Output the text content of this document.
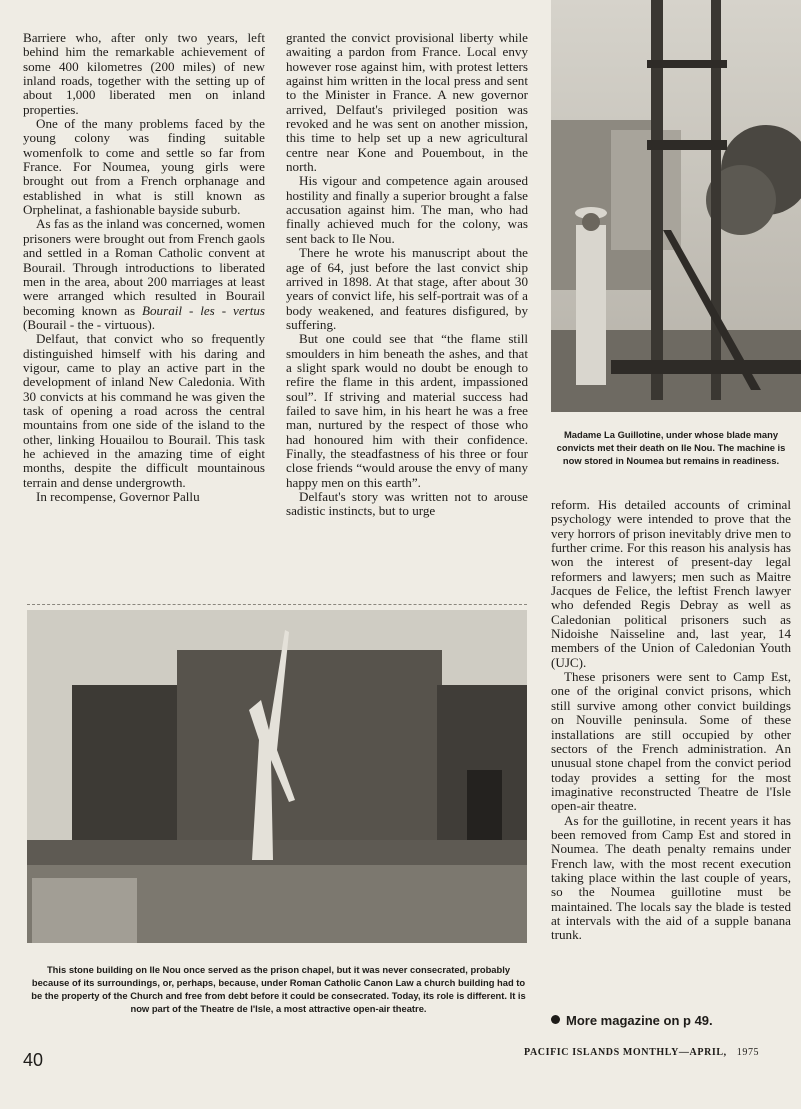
Barriere who, after only two years, left behind him the remarkable achievement of some 400 kilometres (200 miles) of new inland roads, together with the setting up of about 1,000 liberated men on inland properties.

One of the many problems faced by the young colony was finding suitable womenfolk to come and settle so far from France. For Noumea, young girls were brought out from a French orphanage and established in what is still known as Orphelinat, a fashionable bayside suburb.

As fas as the inland was concerned, women prisoners were brought out from French gaols and settled in a Roman Catholic convent at Bourail. Through introductions to liberated men in the area, about 200 marriages at least were arranged which resulted in Bourail becoming known as Bourail - les - vertus (Bourail - the - virtuous).

Delfaut, that convict who so frequently distinguished himself with his daring and vigour, came to play an active part in the development of inland New Caledonia. With 30 convicts at his command he was given the task of opening a road across the central mountains from one side of the island to the other, linking Houailou to Bourail. This task he achieved in the amazing time of eight months, despite the difficult mountainous terrain and dense undergrowth.

In recompense, Governor Pallu

granted the convict provisional liberty while awaiting a pardon from France. Local envy however rose against him, with protest letters against him written in the local press and sent to the Minister in France. A new governor arrived, Delfaut's privileged position was revoked and he was sent on another mission, this time to help set up a new agricultural centre near Kone and Pouembout, in the north.

His vigour and competence again aroused hostility and finally a superior brought a false accusation against him. The man, who had finally achieved much for the colony, was sent back to Ile Nou.

There he wrote his manuscript about the age of 64, just before the last convict ship arrived in 1898. At that stage, after about 30 years of convict life, his self-portrait was of a body weakened, and features disfigured, by suffering.

But one could see that “the flame still smoulders in him beneath the ashes, and that a slight spark would no doubt be enough to refire the flame in this ardent, impassioned soul”. If striving and material success had failed to save him, in his heart he was a free man, nurtured by the respect of those who had honoured him with their confidence. Finally, the steadfastness of his three or four close friends “would arouse the envy of many happy men on this earth”.

Delfaut's story was written not to arouse sadistic instincts, but to urge

Madame La Guillotine, under whose blade many convicts met their death on Ile Nou. The machine is now stored in Noumea but remains in readiness.

reform. His detailed accounts of criminal psychology were intended to prove that the very horrors of prison inevitably drive men to further crime. For this reason his analysis has won the interest of present-day legal reformers and lawyers; men such as Maitre Jacques de Felice, the leftist French lawyer who defended Regis Debray as well as Caledonian political prisoners such as Nidoishe Naisseline and, last year, 14 members of the Union of Caledonian Youth (UJC).

These prisoners were sent to Camp Est, one of the original convict prisons, which still survive among other convict buildings on Nouville peninsula. Some of these installations are still occupied by other sectors of the French administration. An unusual stone chapel from the convict period today provides a setting for the most imaginative reconstructed Theatre de l'Isle open-air theatre.

As for the guillotine, in recent years it has been removed from Camp Est and stored in Noumea. The death penalty remains under French law, with the most recent execution taking place within the last couple of years, so the Noumea guillotine must be maintained. The locals say the blade is tested at intervals with the aid of a supple banana trunk.

This stone building on Ile Nou once served as the prison chapel, but it was never consecrated, probably because of its surroundings, or, perhaps, because, under Roman Catholic Canon Law a church building had to be the property of the Church and free from debt before it could be consecrated. Today, its role is different. It is now part of the Theatre de l'Isle, a most attractive open-air theatre.
More magazine on p 49.
40	PACIFIC ISLANDS MONTHLY—APRIL, 1975
